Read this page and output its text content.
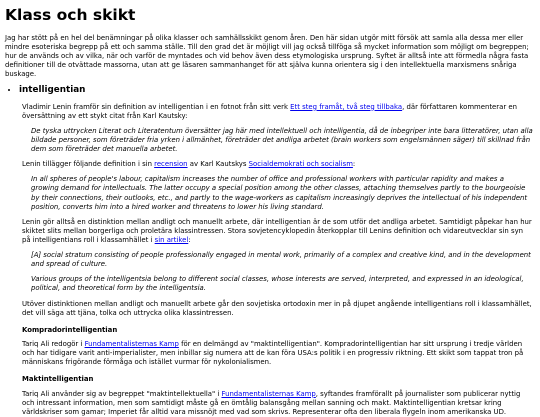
Klass och skikt

Jag har stött på en hel del benämningar på olika klasser och samhällsskikt genom åren. Den här sidan utgör mitt försök att samla alla dessa mer eller mindre esoteriska begrepp på ett och samma ställe. Till den grad det är möjligt vill jag också tillföga så mycket information som möjligt om begreppen; hur de används och av vilka, när och varför de myntades och vid behov även dess etymologiska ursprung. Syftet är alltså inte att förmedla några fasta definitioner till de otvättade massorna, utan att ge läsaren sammanhanget för att själva kunna orientera sig i den intellektuella marxismens snåriga buskage.

• intelligentian

Vladimir Lenin framför sin definition av intelligentian i en fotnot från sitt verk Ett steg framåt, två steg tillbaka, där författaren kommenterar en översättning av ett stykt citat från Karl Kautsky:

De tyska uttrycken Literat och Literatentum översätter jag här med intellektuell och intelligentia, då de inbegriper inte bara litteratörer, utan alla bildade personer, som företräder fria yrken i allmänhet, företräder det andliga arbetet (brain workers som engelsmännen säger) till skillnad från dem som företräder det manuella arbetet.

Lenin tillägger följande definition i sin recension av Karl Kautskys Socialdemokrati och socialism:

In all spheres of people's labour, capitalism increases the number of office and professional workers with particular rapidity and makes a growing demand for intellectuals. The latter occupy a special position among the other classes, attaching themselves partly to the bourgeoisie by their connections, their outlooks, etc., and partly to the wage-workers as capitalism increasingly deprives the intellectual of his independent position, converts him into a hired worker and threatens to lower his living standard.

Lenin gör alltså en distinktion mellan andligt och manuellt arbete, där intelligentian är de som utför det andliga arbetet. Samtidigt påpekar han hur skiktet slits mellan borgerliga och proletära klassintressen. Stora sovjetencyklopedin återkopplar till Lenins definition och vidareutvecklar sin syn på intelligentians roll i klassamhället i sin artikel:

[A] social stratum consisting of people professionally engaged in mental work, primarily of a complex and creative kind, and in the development and spread of culture.

Various groups of the intelligentsia belong to different social classes, whose interests are served, interpreted, and expressed in an ideological, political, and theoretical form by the intelligentsia.

Utöver distinktionen mellan andligt och manuellt arbete går den sovjetiska ortodoxin mer in på djupet angående intelligentians roll i klassamhället, det vill säga att tjäna, tolka och uttrycka olika klassintressen.

Kompradorintelligentian

Tariq Ali redogör i Fundamentalisternas Kamp för en delmängd av "maktintelligentian". Kompradorintelligentian har sitt ursprung i tredje världen och har tidigare varit anti-imperialister, men inbillar sig numera att de kan föra USA:s politik i en progressiv riktning. Ett skikt som tappat tron på människans frigörande förmåga och istället vurmar för nykolonialismen.

Maktintelligentian

Tariq Ali använder sig av begreppet "maktintellektuella" i Fundamentalisternas Kamp, syftandes framförallt på journalister som publicerar nyttig och intressant information, men som samtidigt måste gå en ömtålig balansgång mellan sanning och makt. Maktintelligentian kretsar kring världskriser som gamar; Imperiet får alltid vara missnöjt med vad som skrivs. Representerar ofta den liberala flygeln inom amerikanska UD.
